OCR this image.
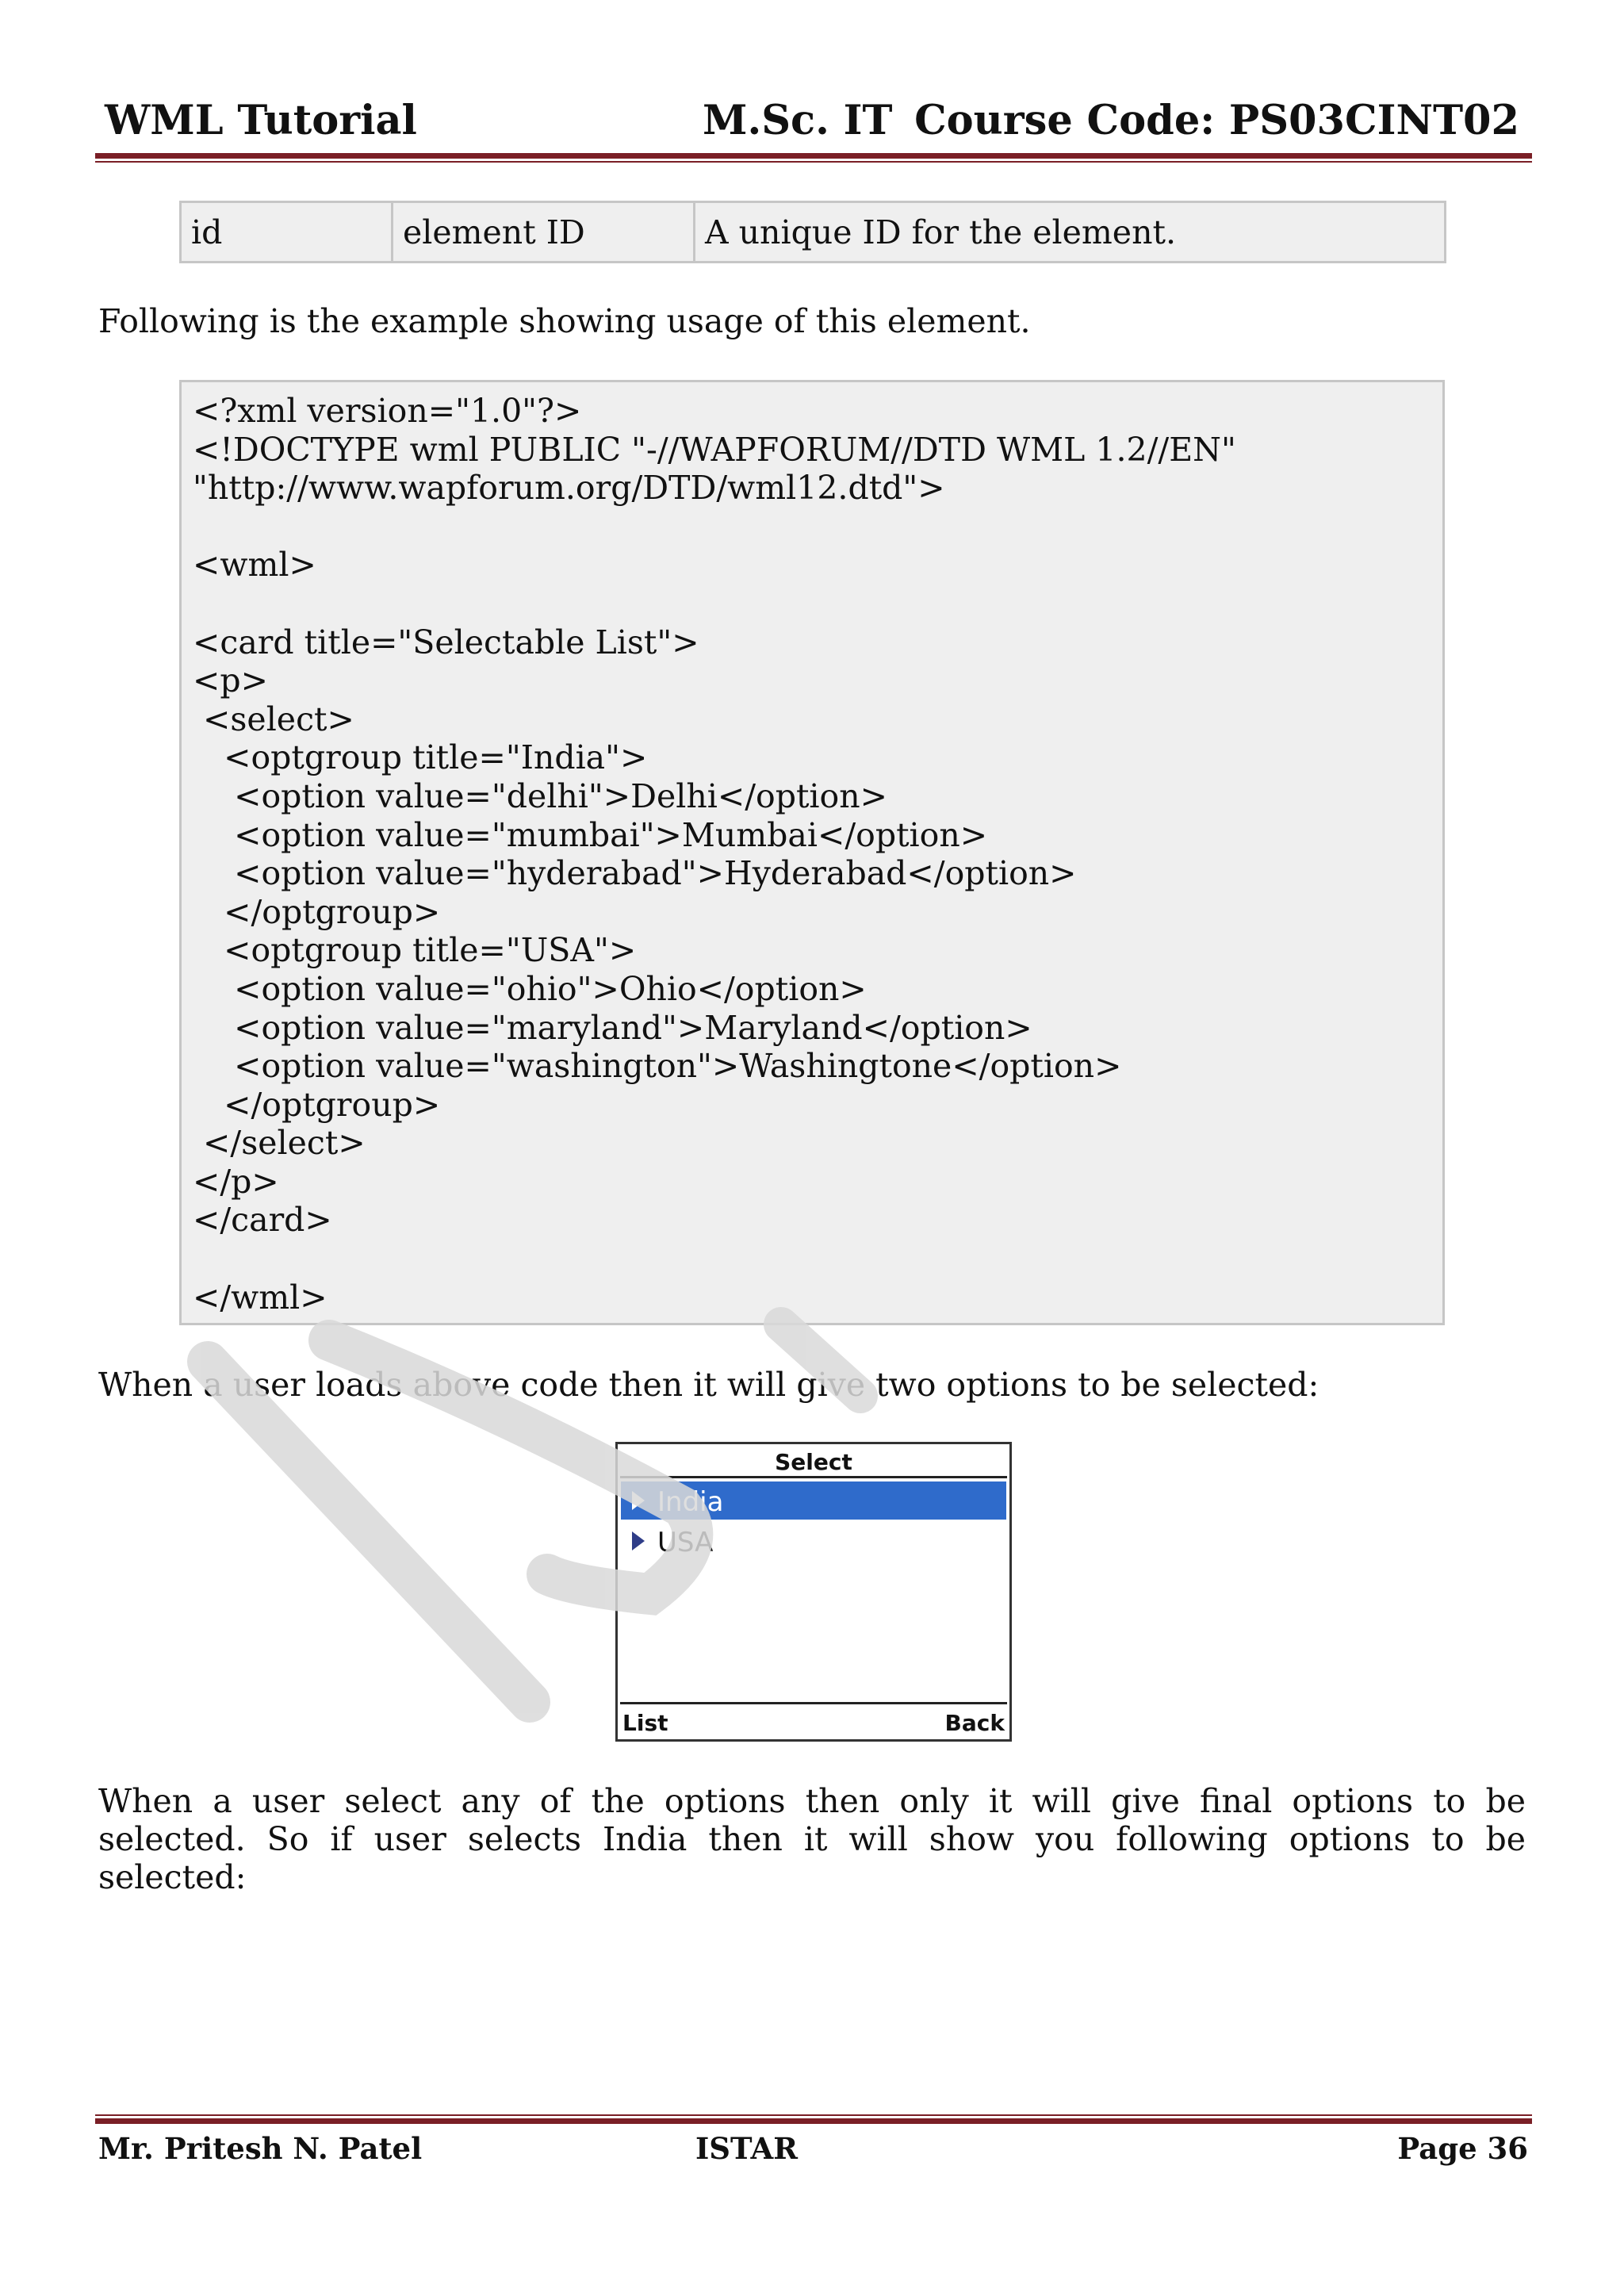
WML Tutorial	M.Sc. IT Course Code: PS03CINT02
id	element ID	A unique ID for the element.

Following is the example showing usage of this element.

<?xml version="1.0"?>
<!DOCTYPE wml PUBLIC "-//WAPFORUM//DTD WML 1.2//EN"
"http://www.wapforum.org/DTD/wml12.dtd">

<wml>

<card title="Selectable List">
<p>
<select>
<optgroup title="India">
<option value="delhi">Delhi</option>
<option value="mumbai">Mumbai</option>
<option value="hyderabad">Hyderabad</option>
</optgroup>
<optgroup title="USA">
<option value="ohio">Ohio</option>
<option value="maryland">Maryland</option>
<option value="washington">Washingtone</option>
</optgroup>
</select>
</p>
</card>

</wml>

When a user loads above code then it will give two options to be selected:

Select
India
USA
List	Back

When a user select any of the options then only it will give final options to be selected. So if user selects India then it will show you following options to be selected:

Mr. Pritesh N. Patel	ISTAR	Page 36
